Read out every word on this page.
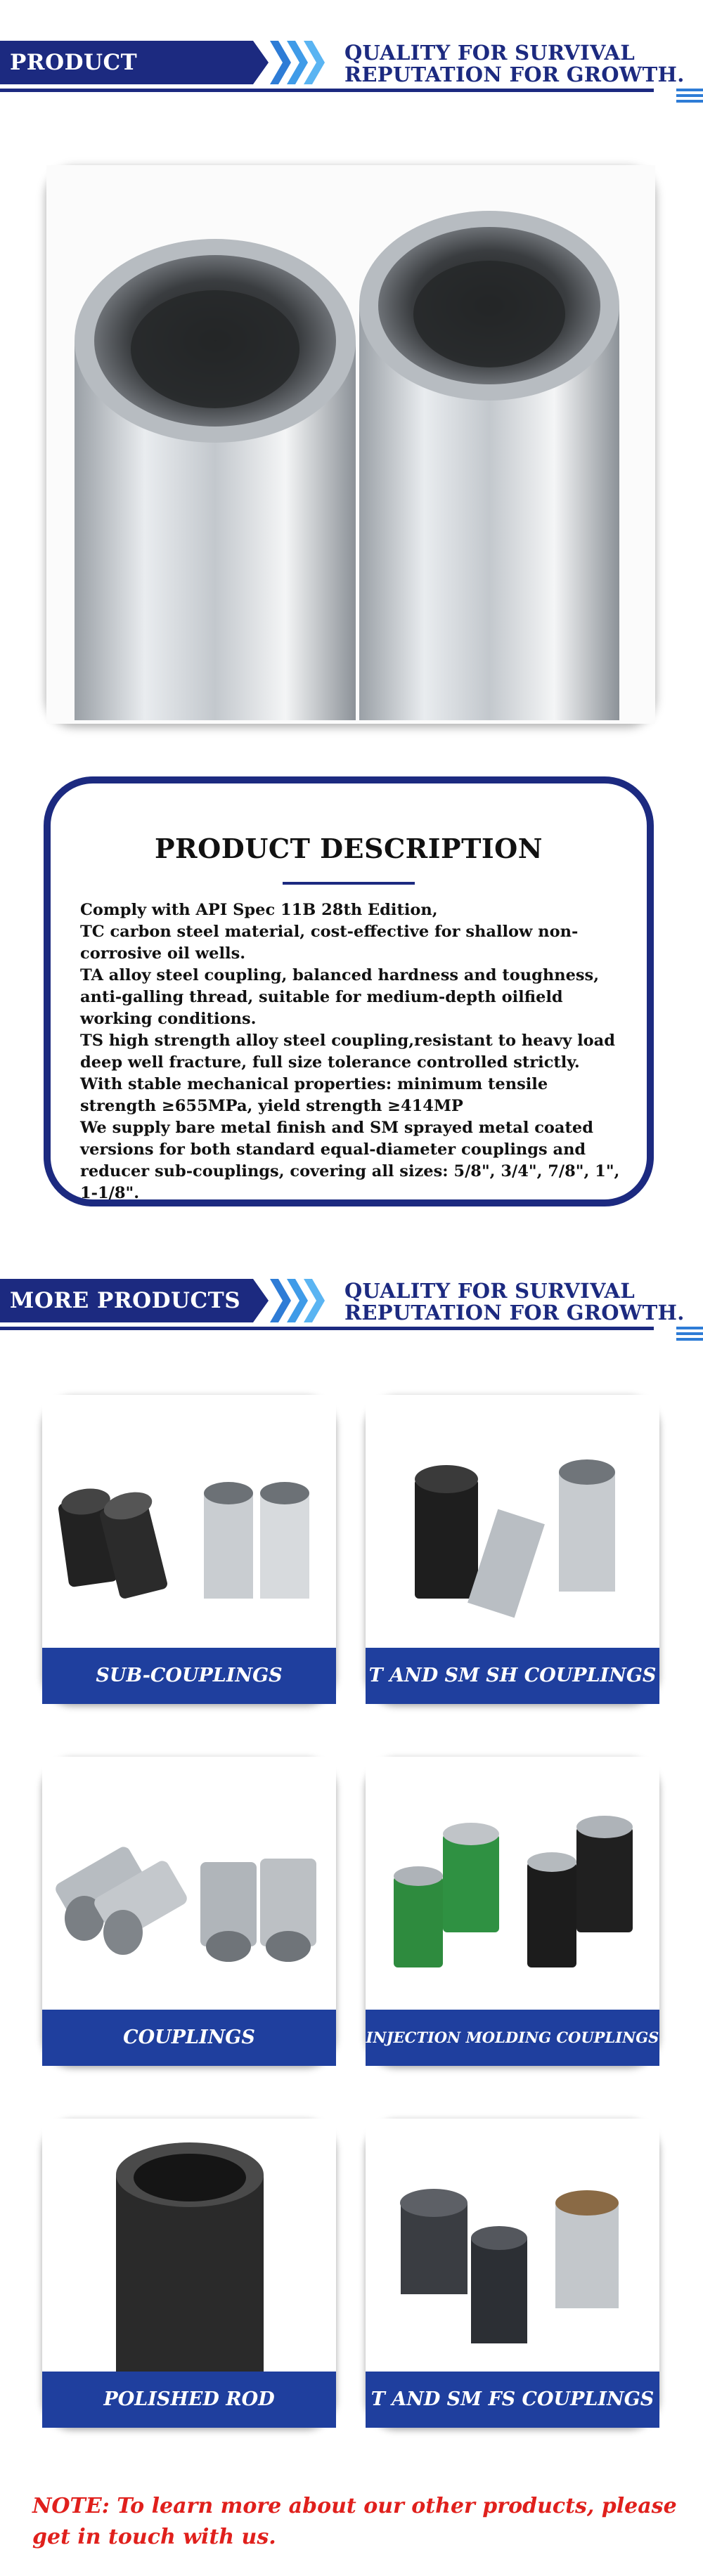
PRODUCT DISPLAY
QUALITY FOR SURVIVAL
REPUTATION FOR GROWTH.
PRODUCT DESCRIPTION

Comply with API Spec 11B 28th Edition,

TC carbon steel material, cost-effective for shallow non-corrosive oil wells.

TA alloy steel coupling, balanced hardness and toughness, anti-galling thread, suitable for medium-depth oilfield working conditions.

TS high strength alloy steel coupling,resistant to heavy load deep well fracture, full size tolerance controlled strictly.

With stable mechanical properties: minimum tensile strength ≥655MPa, yield strength ≥414MP

We supply bare metal finish and SM sprayed metal coated versions for both standard equal-diameter couplings and reducer sub-couplings, covering all sizes: 5/8", 3/4", 7/8", 1", 1-1/8".

MORE PRODUCTS	QUALITY FOR SURVIVAL
REPUTATION FOR GROWTH.
SUB-COUPLINGS	T AND SM SH COUPLINGS
COUPLINGS	INJECTION MOLDING COUPLINGS
POLISHED ROD COUPLING
T AND SM FS COUPLINGS
NOTE: To learn more about our other products, please get in touch with us.
